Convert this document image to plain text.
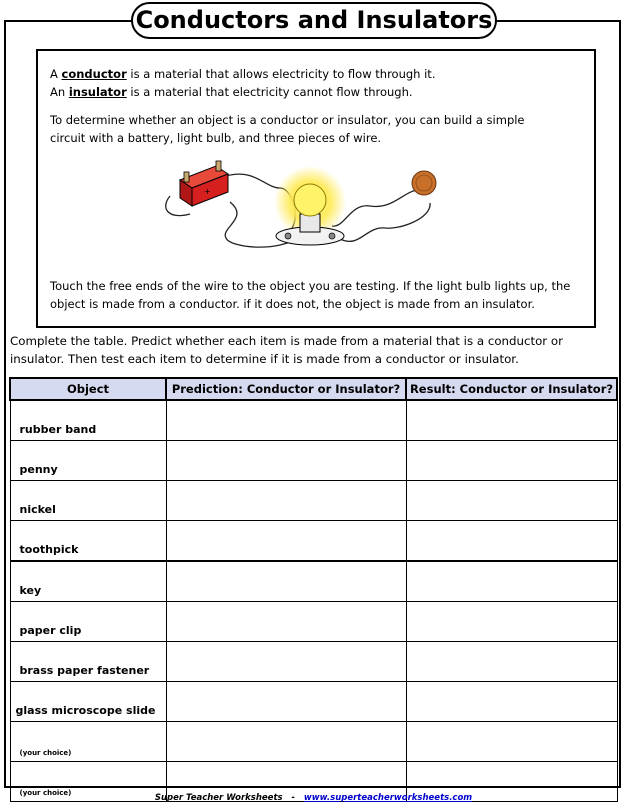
Conductors and Insulators
A conductor is a material that allows electricity to flow through it.
An insulator is a material that electricity cannot flow through.
To determine whether an object is a conductor or insulator, you can build a simple
circuit with a battery, light bulb, and three pieces of wire.
Touch the free ends of the wire to the object you are testing. If the light bulb lights up, the
object is made from a conductor. if it does not, the object is made from an insulator.
+
Complete the table. Predict whether each item is made from a material that is a conductor or
insulator. Then test each item to determine if it is made from a conductor or insulator.
Object	Prediction: Conductor or Insulator?	Result: Conductor or Insulator?
rubber band		
penny		
nickel		
toothpick		
key		
paper clip		
brass paper fastener		
glass microscope slide		
(your choice)		
(your choice)			Super Teacher Worksheets - www.superteacherworksheets.com
